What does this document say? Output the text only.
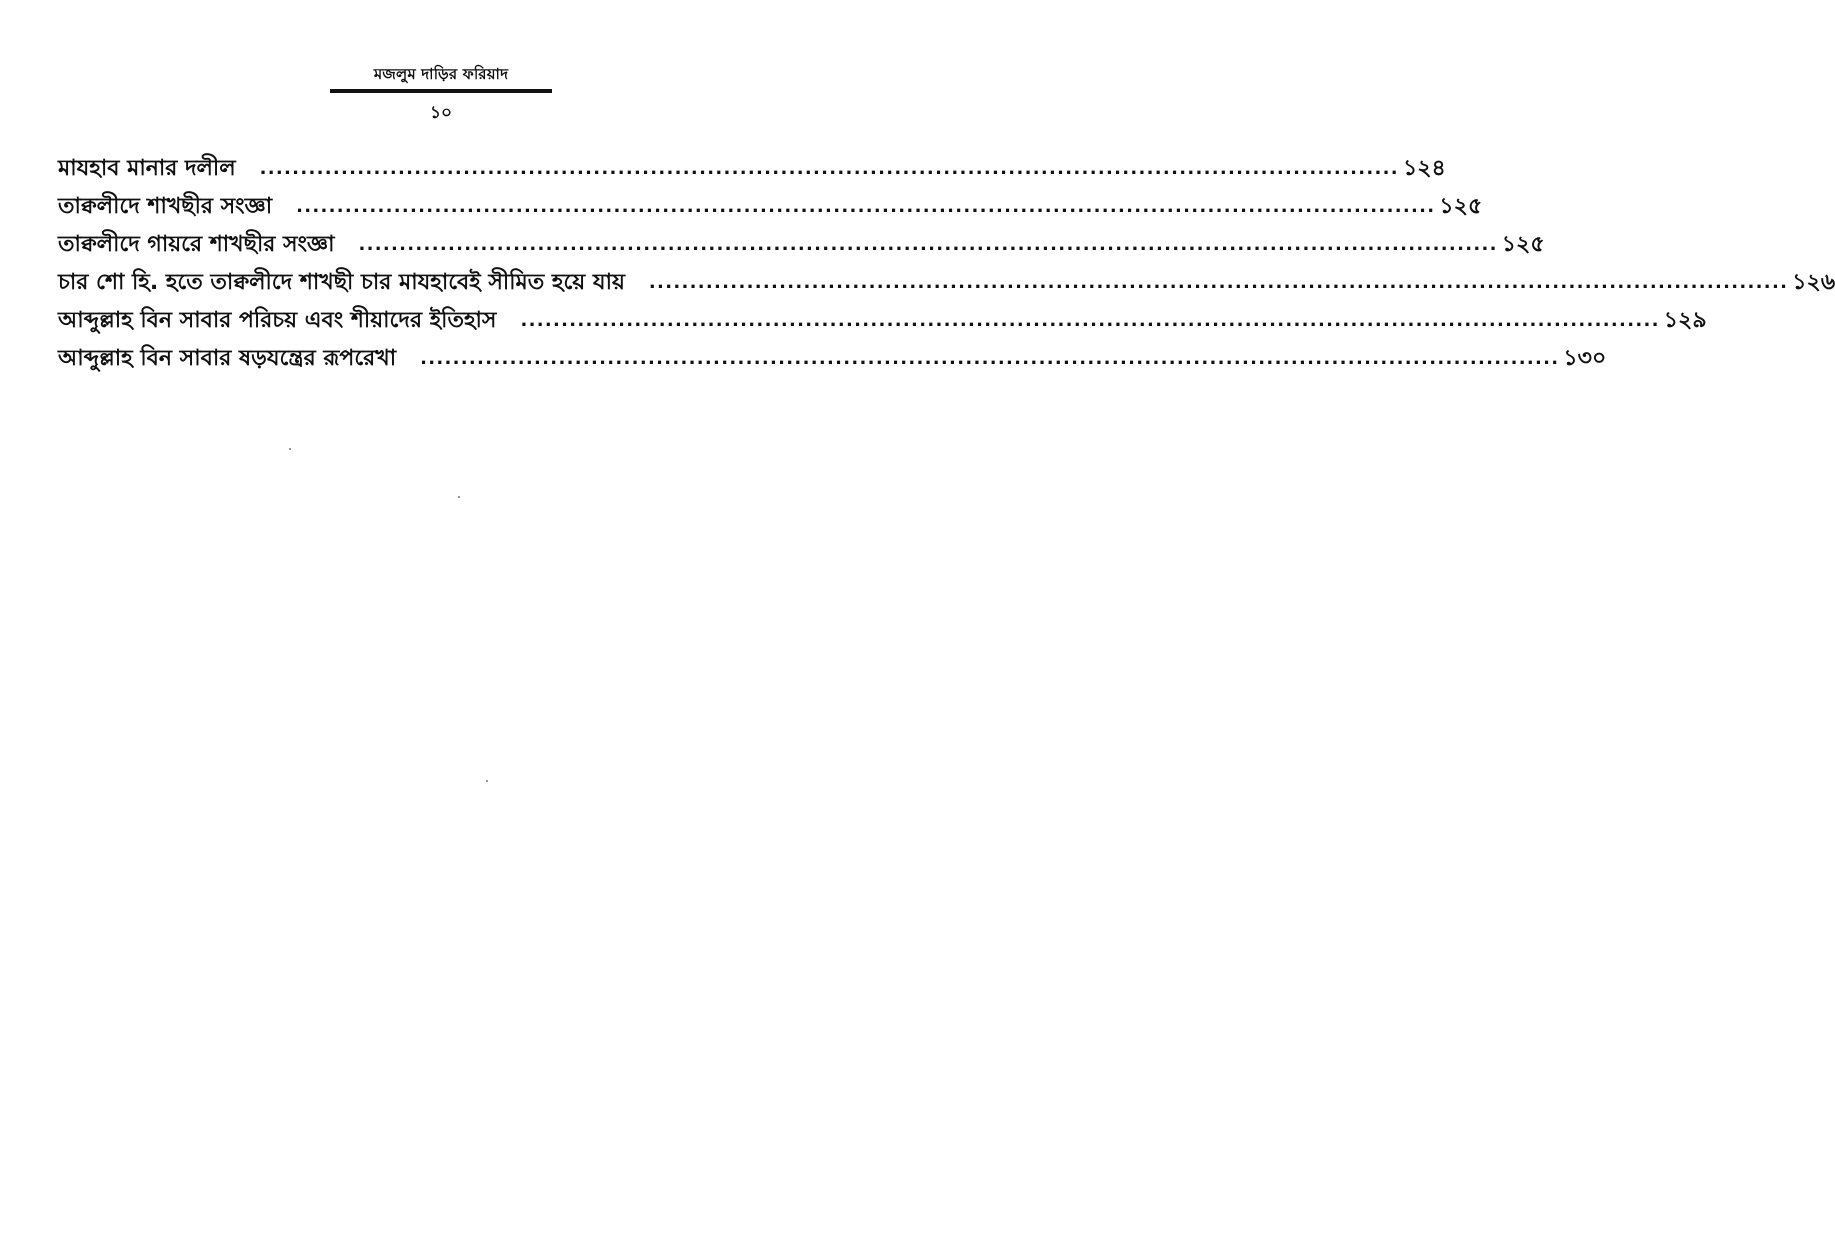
মজলুম দাড়ির ফরিয়াদ
১০
মাযহাব মানার দলীল	............................................................................................................................................ ১২৪
তাক্বলীদে শাখছীর সংজ্ঞা	............................................................................................................................................ ১২৫
তাক্বলীদে গায়রে শাখছীর সংজ্ঞা	............................................................................................................................................ ১২৫
চার শো হি. হতে তাক্বলীদে শাখছী চার মাযহাবেই সীমিত হয়ে যায়	............................................................................................................................................ ১২৬
আব্দুল্লাহ বিন সাবার পরিচয় এবং শীয়াদের ইতিহাস	............................................................................................................................................ ১২৯
আব্দুল্লাহ বিন সাবার ষড়যন্ত্রের রূপরেখা	............................................................................................................................................ ১৩০
